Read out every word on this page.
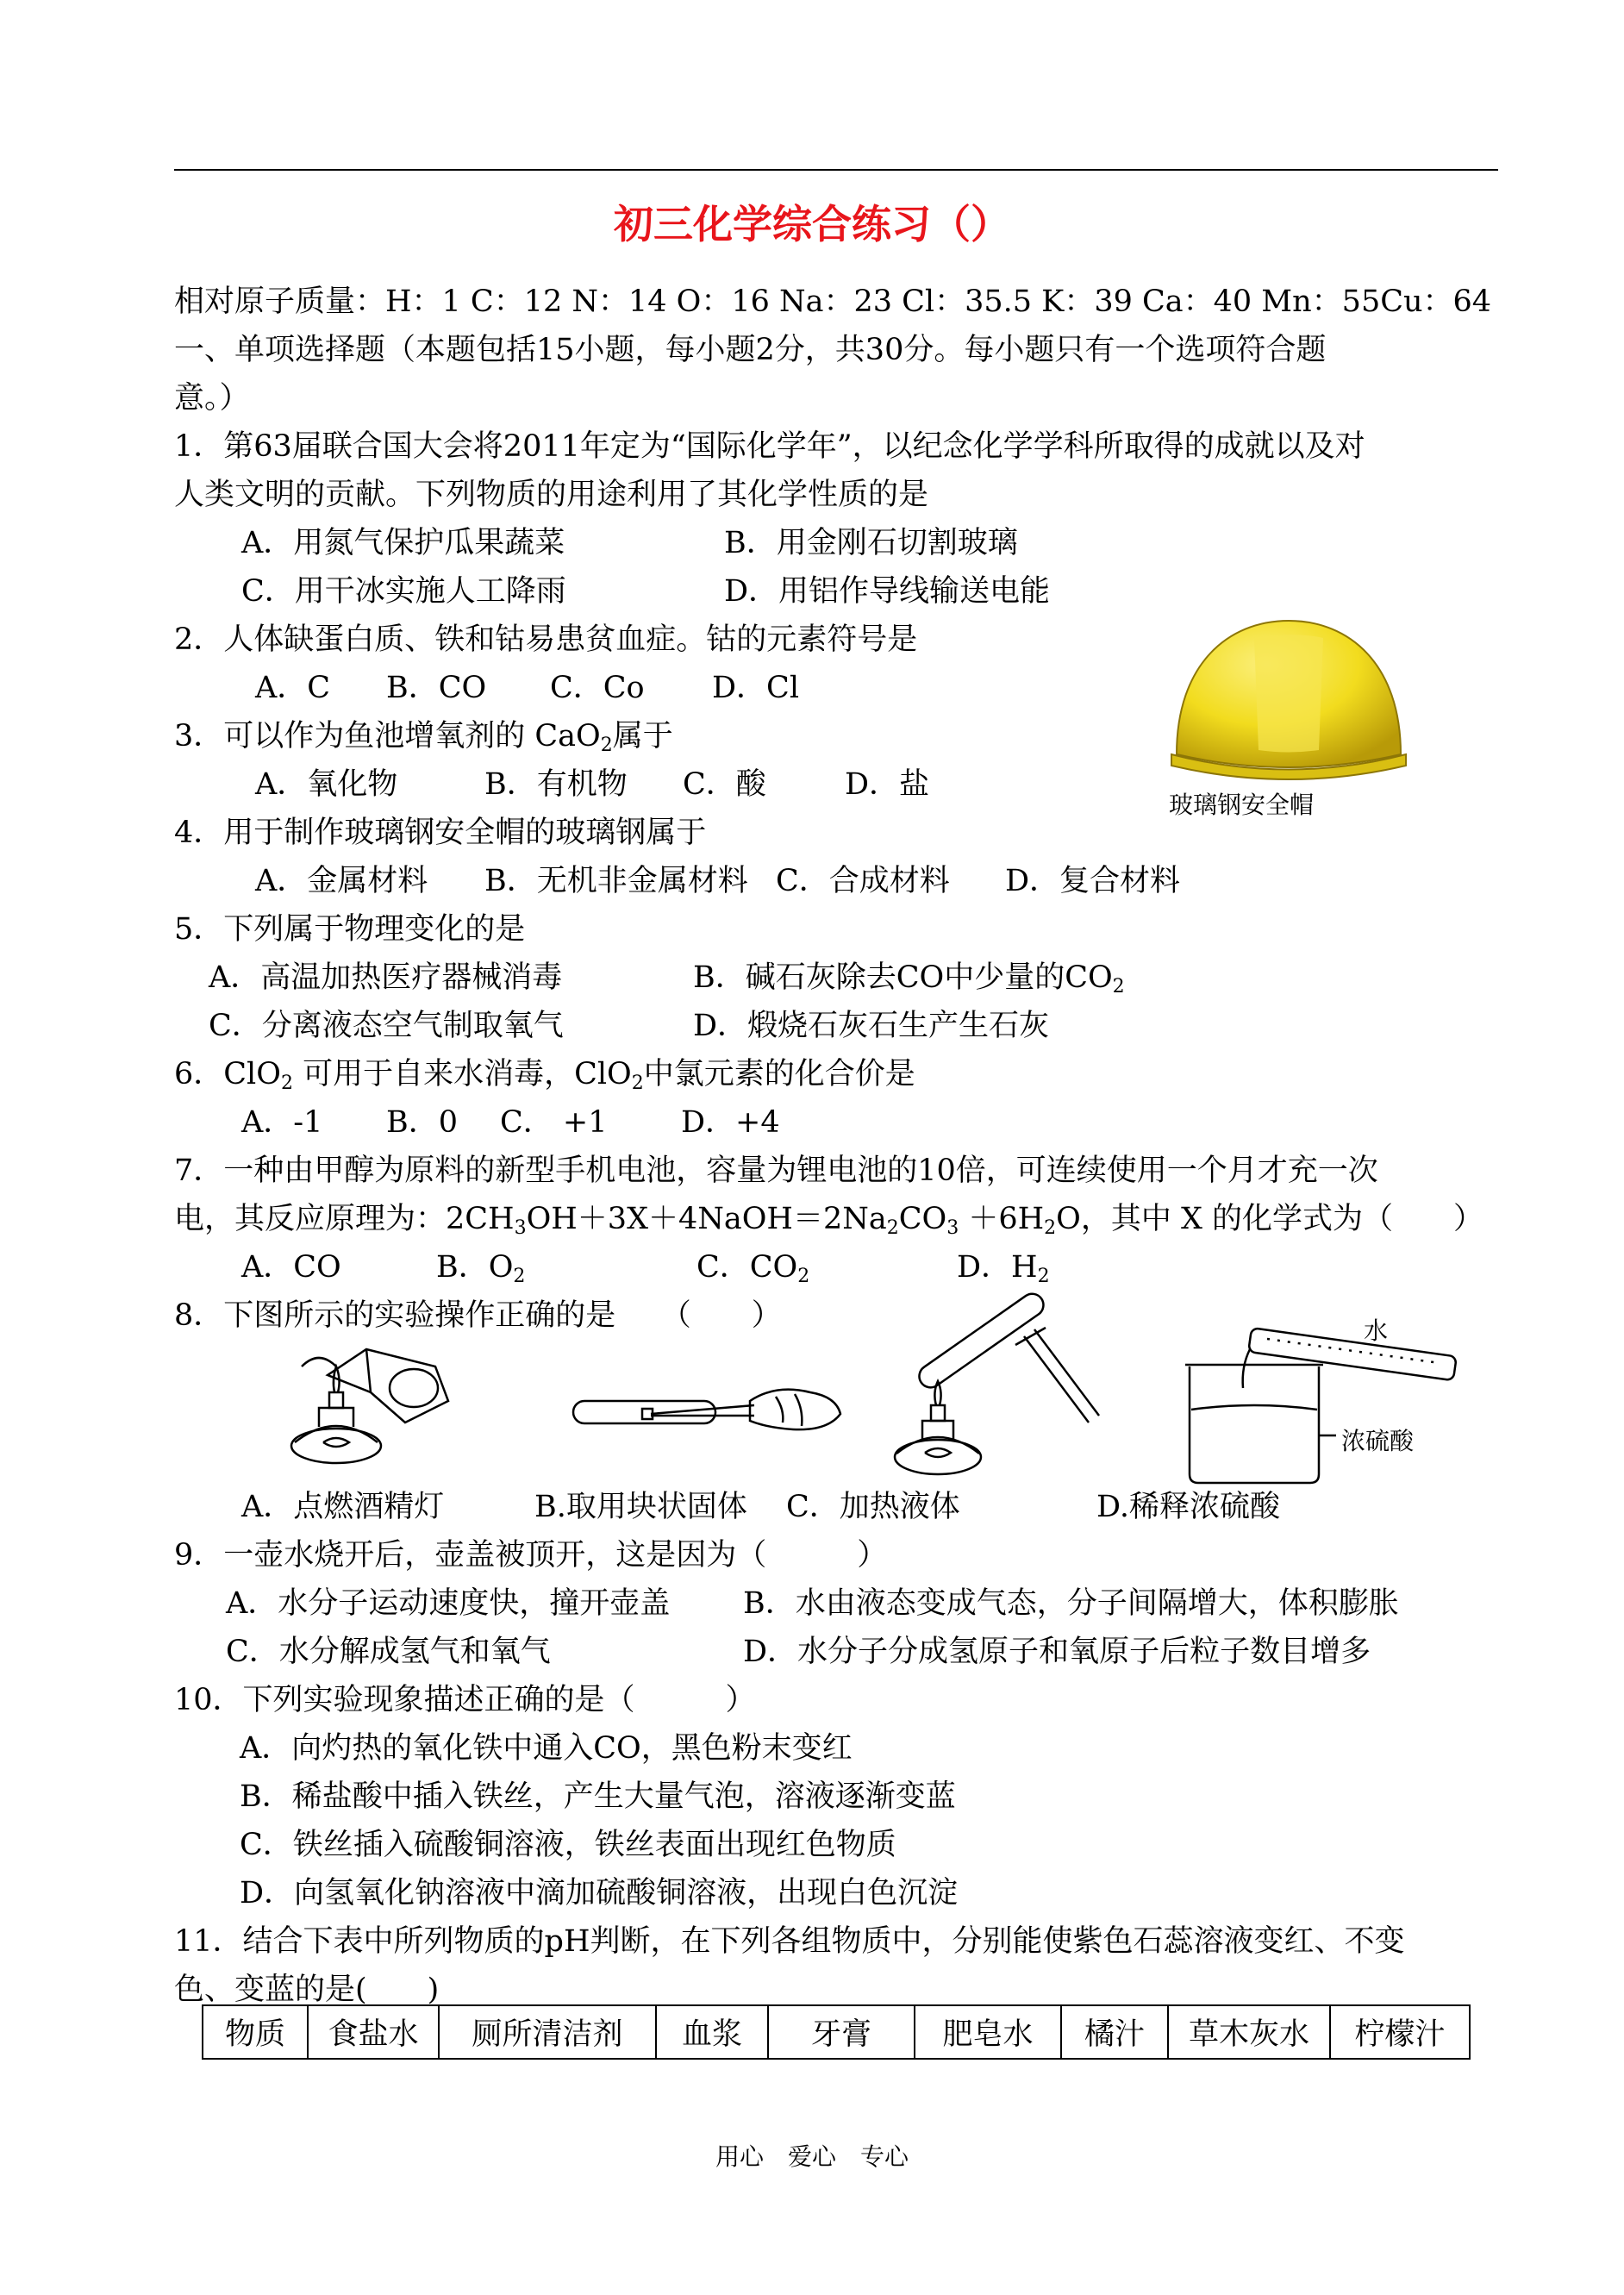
初三化学综合练习（）
相对原子质量：H：1 C：12 N：14 O：16 Na：23 Cl：35.5 K：39 Ca：40 Mn：55Cu：64
一、单项选择题（本题包括15小题，每小题2分，共30分。每小题只有一个选项符合题
意。）
1．第63届联合国大会将2011年定为“国际化学年”，以纪念化学学科所取得的成就以及对
人类文明的贡献。下列物质的用途利用了其化学性质的是
A．用氮气保护瓜果蔬菜	B．用金刚石切割玻璃
C．用干冰实施人工降雨	D．用铝作导线输送电能
2．人体缺蛋白质、铁和钴易患贫血症。钴的元素符号是
A．C B．CO C．Co D．Cl
玻璃钢安全帽
3．可以作为鱼池增氧剂的 CaO$_2$属于
A．氧化物	B．有机物 C．酸	D．盐
4．用于制作玻璃钢安全帽的玻璃钢属于
A．金属材料 B．无机非金属材料 C．合成材料 D．复合材料
5．下列属于物理变化的是
A．高温加热医疗器械消毒	B．碱石灰除去CO中少量的$CO_2$
C．分离液态空气制取氧气	D．煅烧石灰石生产生石灰
6．ClO$_2$ 可用于自来水消毒，ClO$_2$中氯元素的化合价是
A．-1 B．0 C． +1 D．+4
7．一种由甲醇为原料的新型手机电池，容量为锂电池的10倍，可连续使用一个月才充一次
电，其反应原理为：$2CH_3OH+3X+4NaOH=2Na_2CO_3 +6H_2O$，其中 X 的化学式为（　　）
A．CO	B．$O_2$	C．$CO_2$	D．$H_2$
8．下图所示的实验操作正确的是　　（　　）	水
浓硫酸
A．点燃酒精灯	B.取用块状固体 C．加热液体	D.稀释浓硫酸
9．一壶水烧开后，壶盖被顶开，这是因为（　　　）
A．水分子运动速度快，撞开壶盖 B．水由液态变成气态，分子间隔增大，体积膨胀
C．水分解成氢气和氧气	D．水分子分成氢原子和氧原子后粒子数目增多
10．下列实验现象描述正确的是（　　　）
A．向灼热的氧化铁中通入CO，黑色粉末变红
B．稀盐酸中插入铁丝，产生大量气泡，溶液逐渐变蓝
C．铁丝插入硫酸铜溶液，铁丝表面出现红色物质
D．向氢氧化钠溶液中滴加硫酸铜溶液，出现白色沉淀
11．结合下表中所列物质的pH判断，在下列各组物质中，分别能使紫色石蕊溶液变红、不变
色、变蓝的是(　　)
物质	食盐水	厕所清洁剂	血浆	牙膏	肥皂水	橘汁	草木灰水	柠檬汁
用心　爱心　专心
